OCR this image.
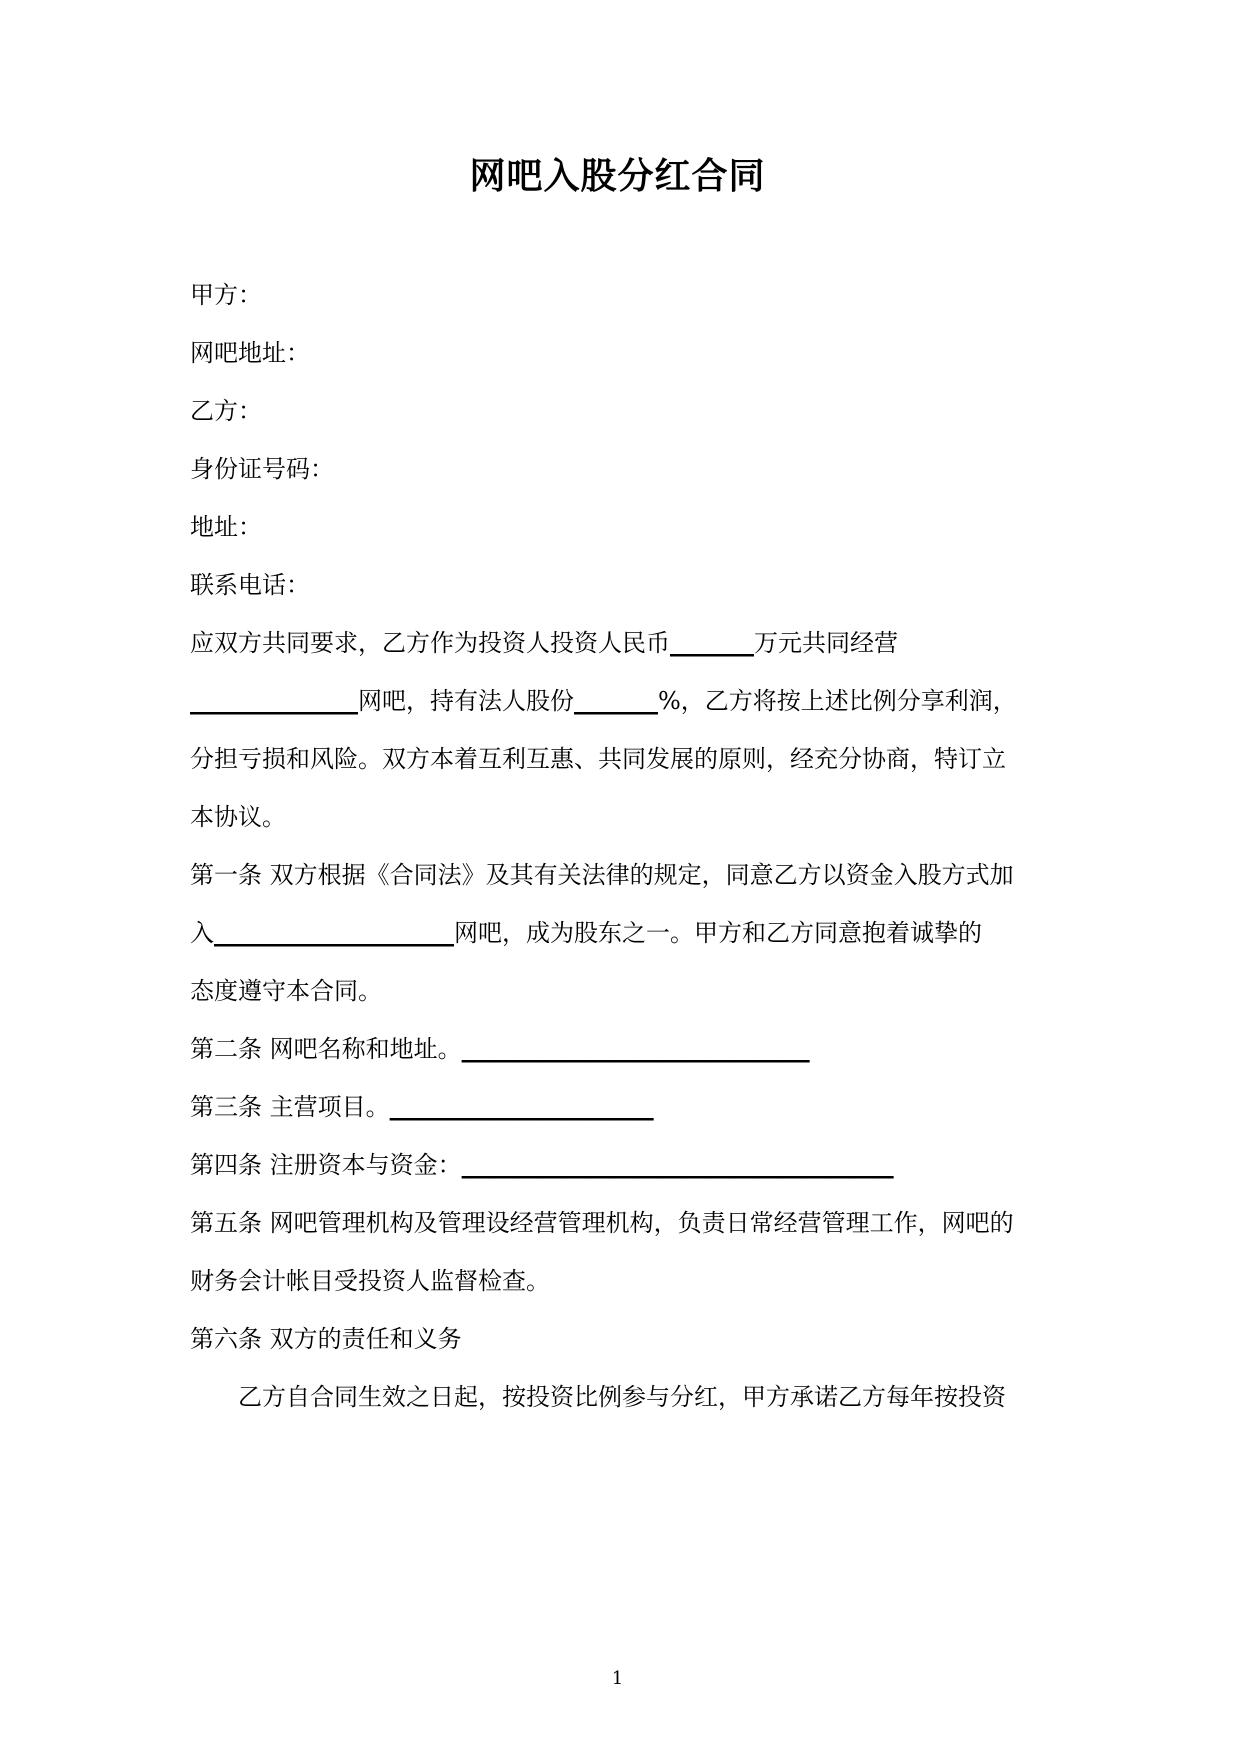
网吧入股分红合同
甲方：
网吧地址：
乙方：
身份证号码：
地址：
联系电话：
应双方共同要求，乙方作为投资人投资人民币_______万元共同经营
______________网吧，持有法人股份_______%，乙方将按上述比例分享利润，
分担亏损和风险。双方本着互利互惠、共同发展的原则，经充分协商，特订立
本协议。
第一条 双方根据《合同法》及其有关法律的规定，同意乙方以资金入股方式加
入____________________网吧，成为股东之一。甲方和乙方同意抱着诚挚的
态度遵守本合同。
第二条 网吧名称和地址。_____________________________
第三条 主营项目。______________________
第四条 注册资本与资金：____________________________________
第五条 网吧管理机构及管理设经营管理机构，负责日常经营管理工作，网吧的
财务会计帐目受投资人监督检查。
第六条 双方的责任和义务
乙方自合同生效之日起，按投资比例参与分红，甲方承诺乙方每年按投资
1
